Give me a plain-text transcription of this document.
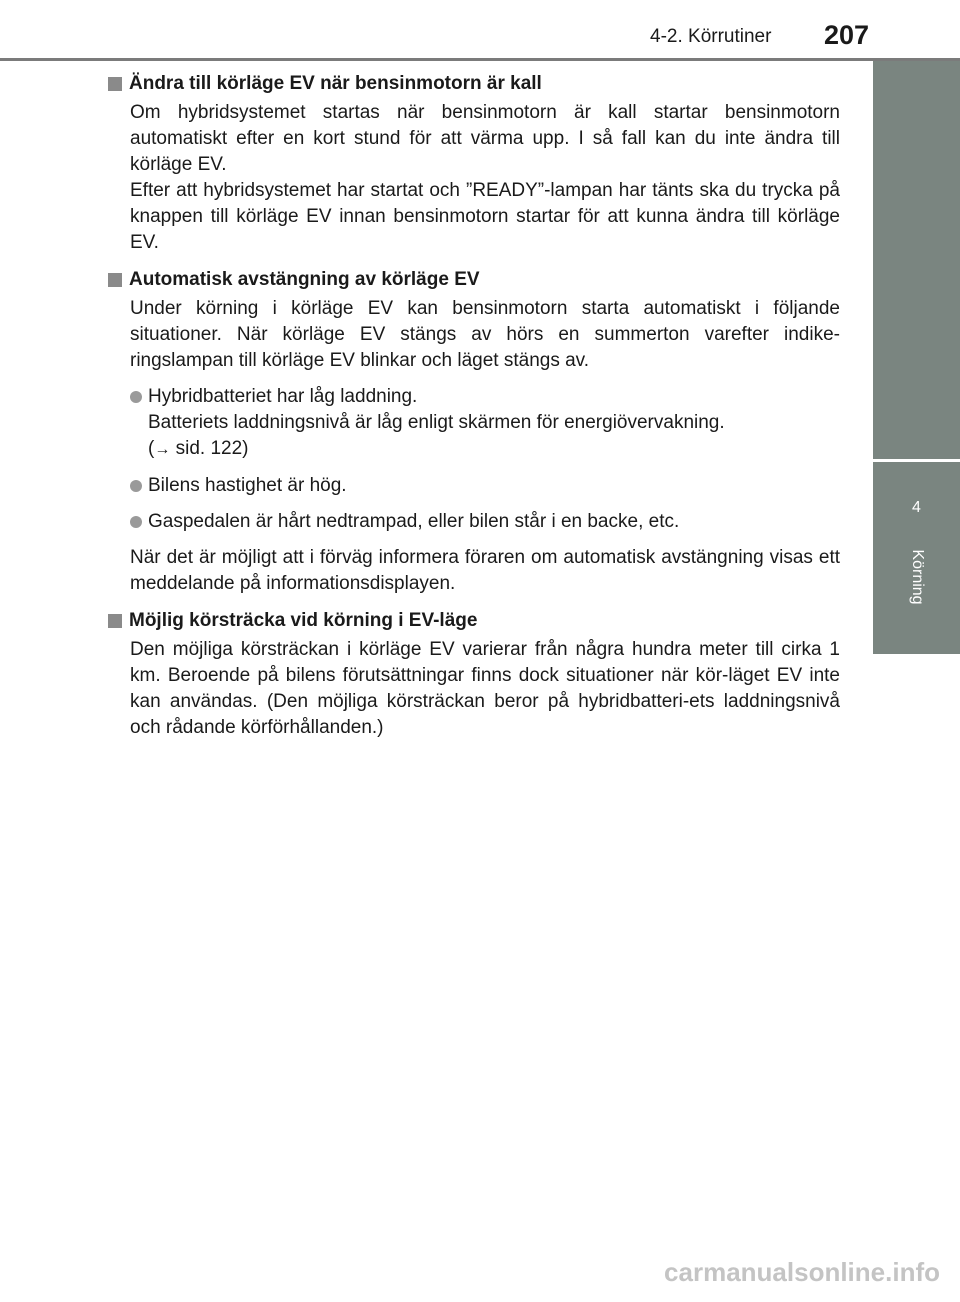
4-2. Körrutiner	207
4
Körning
Ändra till körläge EV när bensinmotorn är kall

Om hybridsystemet startas när bensinmotorn är kall startar bensinmotorn automatiskt efter en kort stund för att värma upp. I så fall kan du inte ändra till körläge EV.

Efter att hybridsystemet har startat och ”READY”-lampan har tänts ska du trycka på knappen till körläge EV innan bensinmotorn startar för att kunna ändra till körläge EV.

Automatisk avstängning av körläge EV

Under körning i körläge EV kan bensinmotorn starta automatiskt i följande situationer. När körläge EV stängs av hörs en summerton varefter indike-ringslampan till körläge EV blinkar och läget stängs av.

Hybridbatteriet har låg laddning.
Batteriets laddningsnivå är låg enligt skärmen för energiövervakning.
(→ sid. 122)
Bilens hastighet är hög.
Gaspedalen är hårt nedtrampad, eller bilen står i en backe, etc.

När det är möjligt att i förväg informera föraren om automatisk avstängning visas ett meddelande på informationsdisplayen.

Möjlig körsträcka vid körning i EV-läge

Den möjliga körsträckan i körläge EV varierar från några hundra meter till cirka 1 km. Beroende på bilens förutsättningar finns dock situationer när kör-läget EV inte kan användas. (Den möjliga körsträckan beror på hybridbatteri-ets laddningsnivå och rådande körförhållanden.)

carmanualsonline.info
